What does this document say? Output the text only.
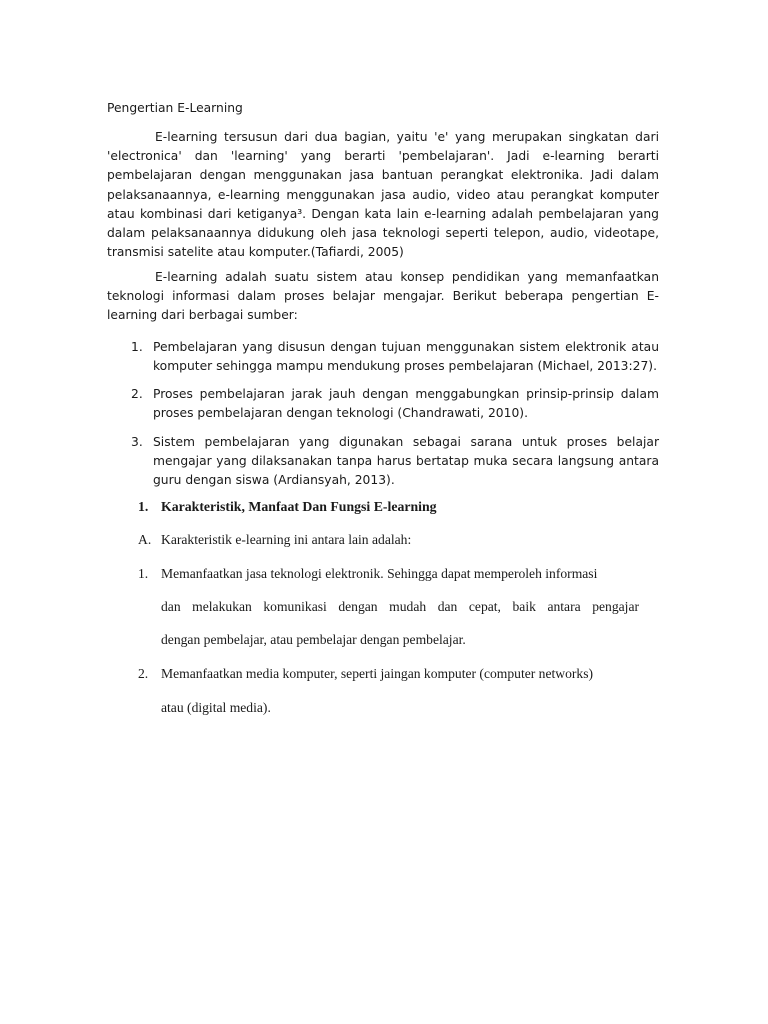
Pengertian E-Learning

E-learning tersusun dari dua bagian, yaitu 'e' yang merupakan singkatan dari 'electronica' dan 'learning' yang berarti 'pembelajaran'. Jadi e-learning berarti pembelajaran dengan menggunakan jasa bantuan perangkat elektronika. Jadi dalam pelaksanaannya, e-learning menggunakan jasa audio, video atau perangkat komputer atau kombinasi dari ketiganya³. Dengan kata lain e-learning adalah pembelajaran yang dalam pelaksanaannya didukung oleh jasa teknologi seperti telepon, audio, videotape, transmisi satelite atau komputer.(Tafiardi, 2005)

E-learning adalah suatu sistem atau konsep pendidikan yang memanfaatkan teknologi informasi dalam proses belajar mengajar. Berikut beberapa pengertian E-learning dari berbagai sumber:

1. Pembelajaran yang disusun dengan tujuan menggunakan sistem elektronik atau komputer sehingga mampu mendukung proses pembelajaran (Michael, 2013:27).
2. Proses pembelajaran jarak jauh dengan menggabungkan prinsip-prinsip dalam proses pembelajaran dengan teknologi (Chandrawati, 2010).
3. Sistem pembelajaran yang digunakan sebagai sarana untuk proses belajar mengajar yang dilaksanakan tanpa harus bertatap muka secara langsung antara guru dengan siswa (Ardiansyah, 2013).
1. Karakteristik, Manfaat Dan Fungsi E-learning
A. Karakteristik e-learning ini antara lain adalah:
1. Memanfaatkan jasa teknologi elektronik. Sehingga dapat memperoleh informasi
dan melakukan komunikasi dengan mudah dan cepat, baik antara pengajar
dengan pembelajar, atau pembelajar dengan pembelajar.
2. Memanfaatkan media komputer, seperti jaingan komputer (computer networks)
atau (digital media).
